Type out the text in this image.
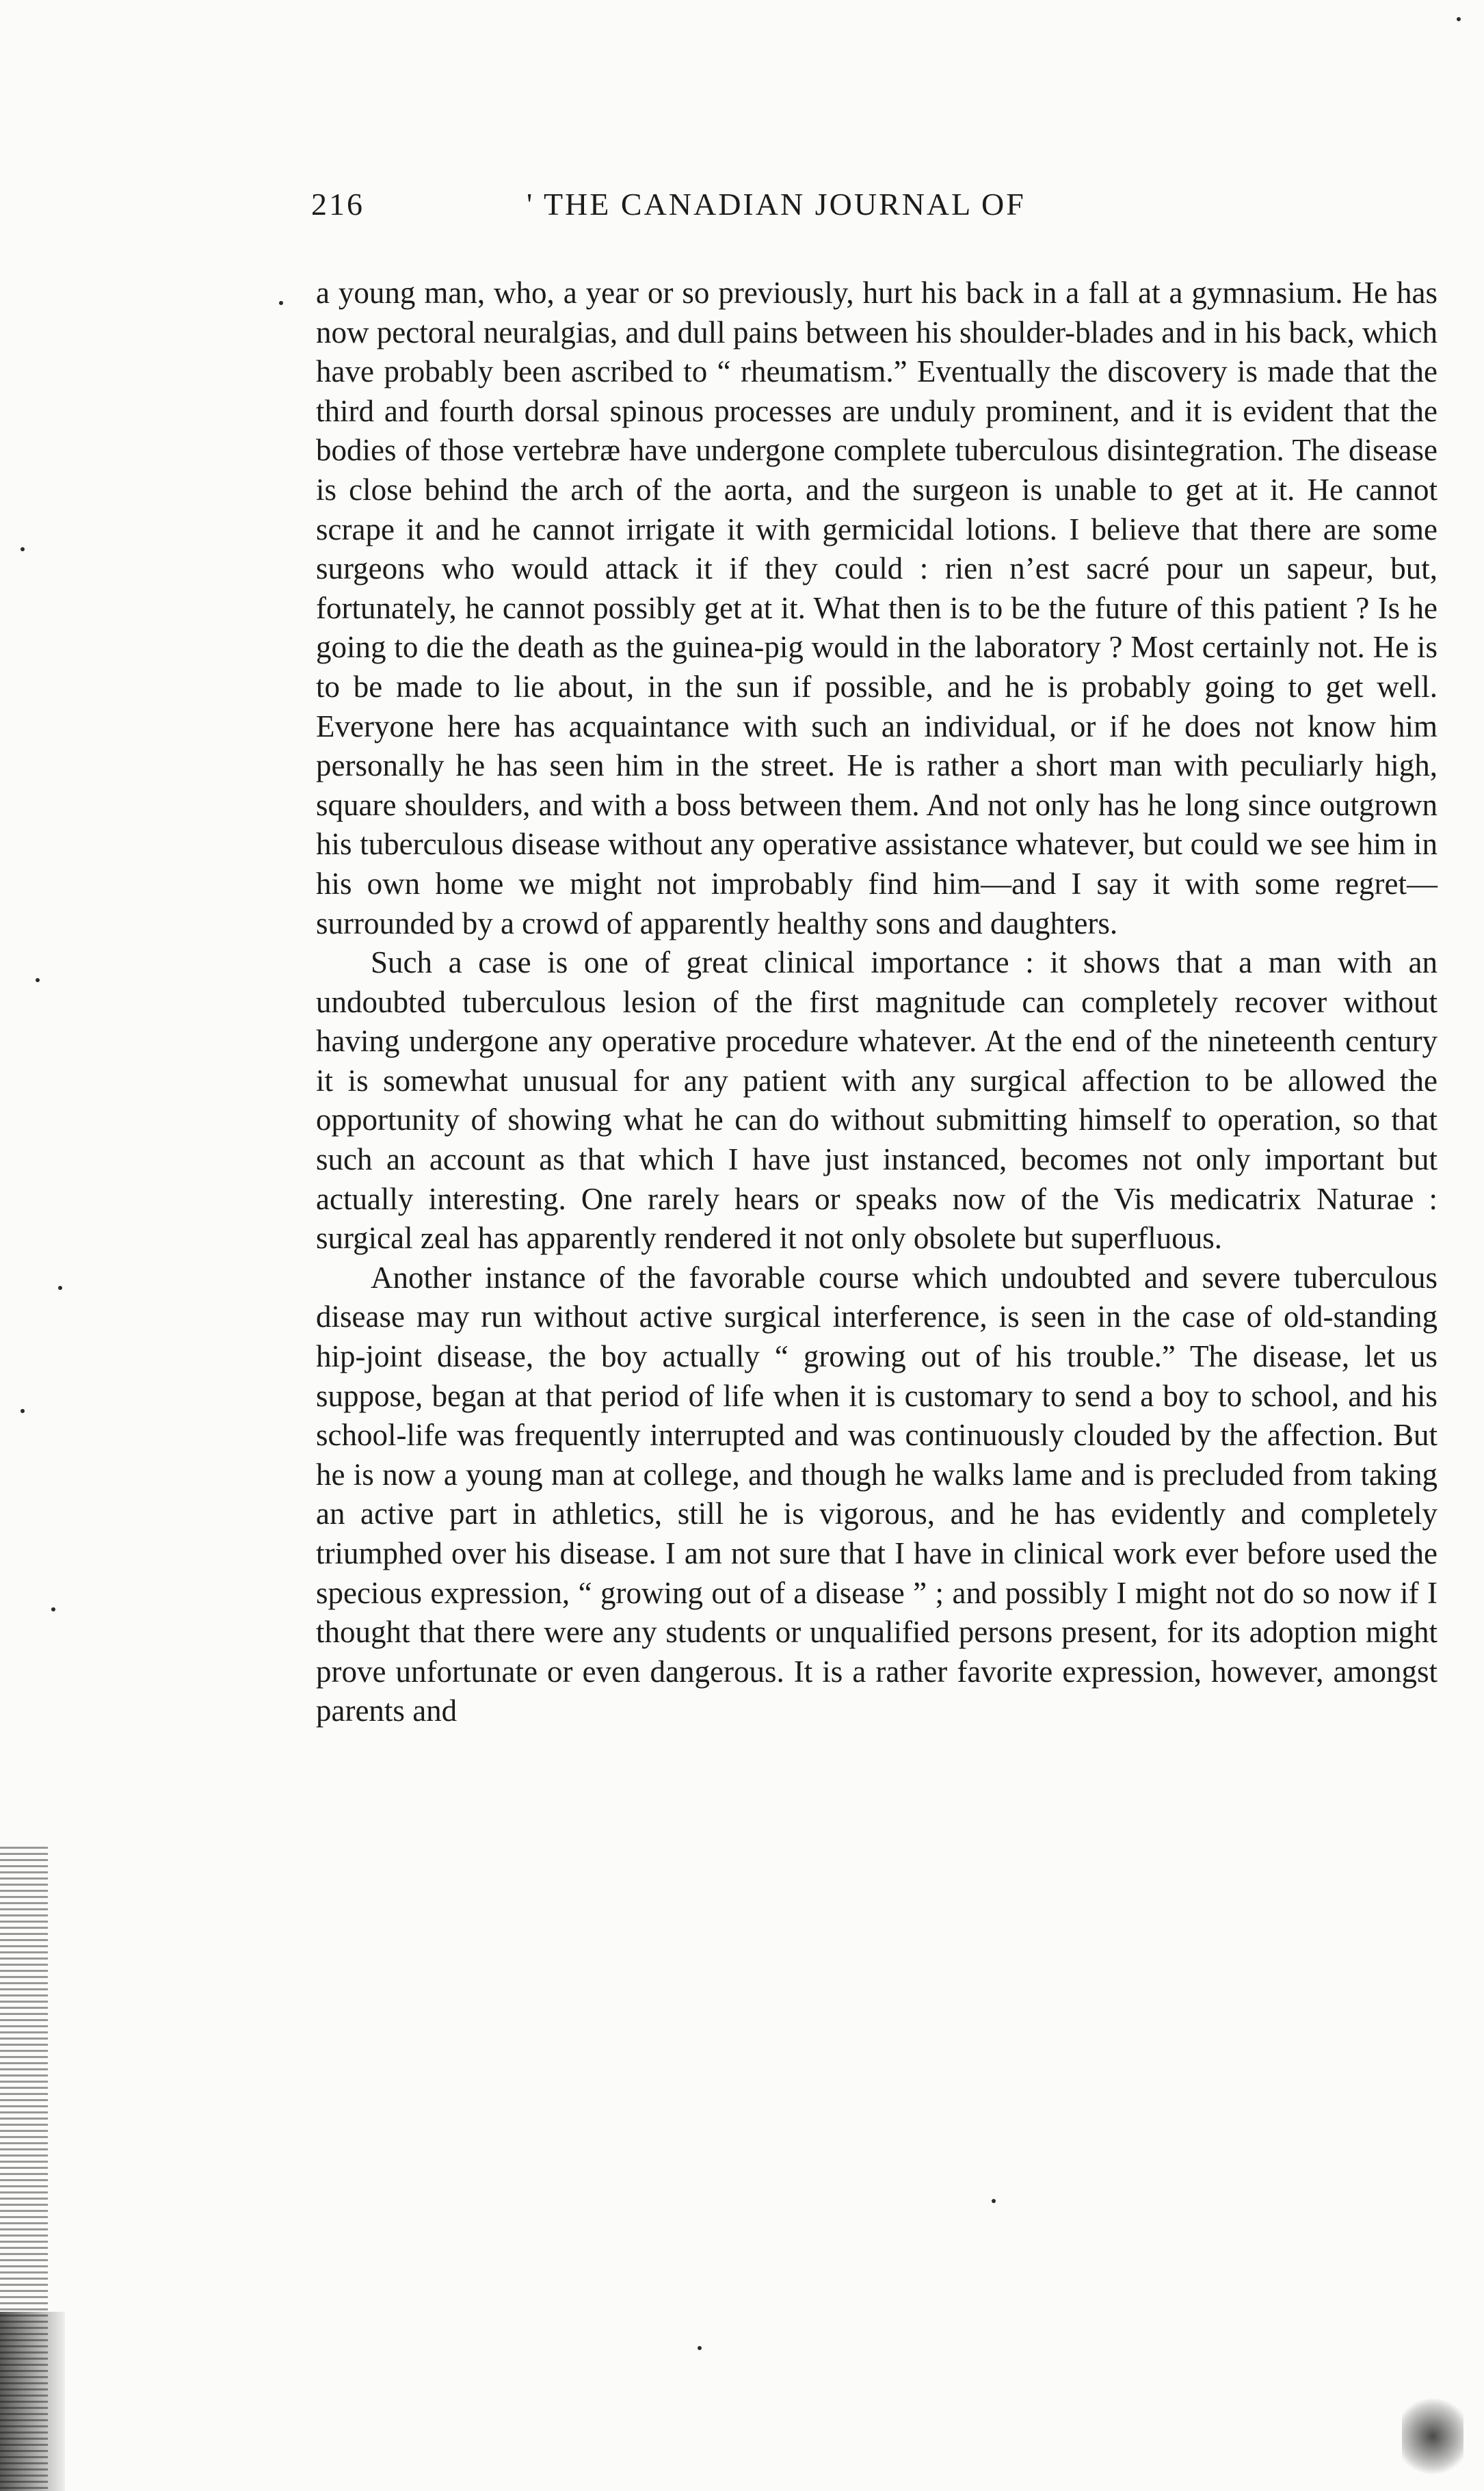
216	' THE CANADIAN JOURNAL OF

a young man, who, a year or so previously, hurt his back in a fall at a gymnasium. He has now pectoral neuralgias, and dull pains between his shoulder-blades and in his back, which have probably been ascribed to “ rheumatism.” Eventually the discovery is made that the third and fourth dorsal spinous processes are unduly prominent, and it is evident that the bodies of those vertebræ have undergone complete tuberculous disintegration. The disease is close behind the arch of the aorta, and the surgeon is unable to get at it. He cannot scrape it and he cannot irrigate it with germicidal lotions. I believe that there are some surgeons who would attack it if they could : rien n’est sacré pour un sapeur, but, fortunately, he cannot possibly get at it. What then is to be the future of this patient ? Is he going to die the death as the guinea-pig would in the laboratory ? Most certainly not. He is to be made to lie about, in the sun if possible, and he is probably going to get well. Everyone here has acquaintance with such an individual, or if he does not know him personally he has seen him in the street. He is rather a short man with peculiarly high, square shoulders, and with a boss between them. And not only has he long since outgrown his tuberculous disease without any operative assistance whatever, but could we see him in his own home we might not improbably find him—and I say it with some regret—surrounded by a crowd of apparently healthy sons and daughters.

Such a case is one of great clinical importance : it shows that a man with an undoubted tuberculous lesion of the first magnitude can completely recover without having undergone any operative procedure whatever. At the end of the nineteenth century it is somewhat unusual for any patient with any surgical affection to be allowed the opportunity of showing what he can do without submitting himself to operation, so that such an account as that which I have just instanced, becomes not only important but actually interesting. One rarely hears or speaks now of the Vis medicatrix Naturae : surgical zeal has apparently rendered it not only obsolete but superfluous.

Another instance of the favorable course which undoubted and severe tuberculous disease may run without active surgical interference, is seen in the case of old-standing hip-joint disease, the boy actually “ growing out of his trouble.” The disease, let us suppose, began at that period of life when it is customary to send a boy to school, and his school-life was frequently interrupted and was continuously clouded by the affection. But he is now a young man at college, and though he walks lame and is precluded from taking an active part in athletics, still he is vigorous, and he has evidently and completely triumphed over his disease. I am not sure that I have in clinical work ever before used the specious expression, “ growing out of a disease ” ; and possibly I might not do so now if I thought that there were any students or unqualified persons present, for its adoption might prove unfortunate or even dangerous. It is a rather favorite expression, however, amongst parents and
